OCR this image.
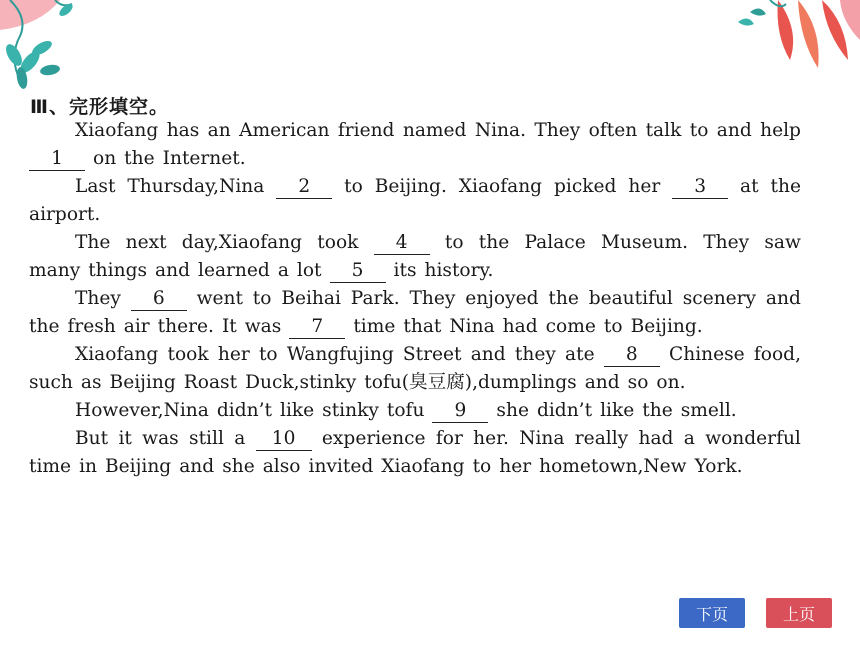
Ⅲ、完形填空。
Xiaofang has an American friend named Nina. They often talk to and help
1	on the Internet.
Last Thursday,Nina	2	to Beijing. Xiaofang picked her	3	at the
airport.
The next day,Xiaofang took	4	to the Palace Museum. They saw
many things and learned a lot	5	its history.
They	6	went to Beihai Park. They enjoyed the beautiful scenery and
the fresh air there. It was	7	time that Nina had come to Beijing.
Xiaofang took her to Wangfujing Street and they ate	8	Chinese food,
such as Beijing Roast Duck,stinky tofu(臭豆腐),dumplings and so on.
However,Nina didn’t like stinky tofu	9	she didn’t like the smell.
But it was still a	10	experience for her. Nina really had a wonderful
time in Beijing and she also invited Xiaofang to her hometown,New York.
下页	上页
